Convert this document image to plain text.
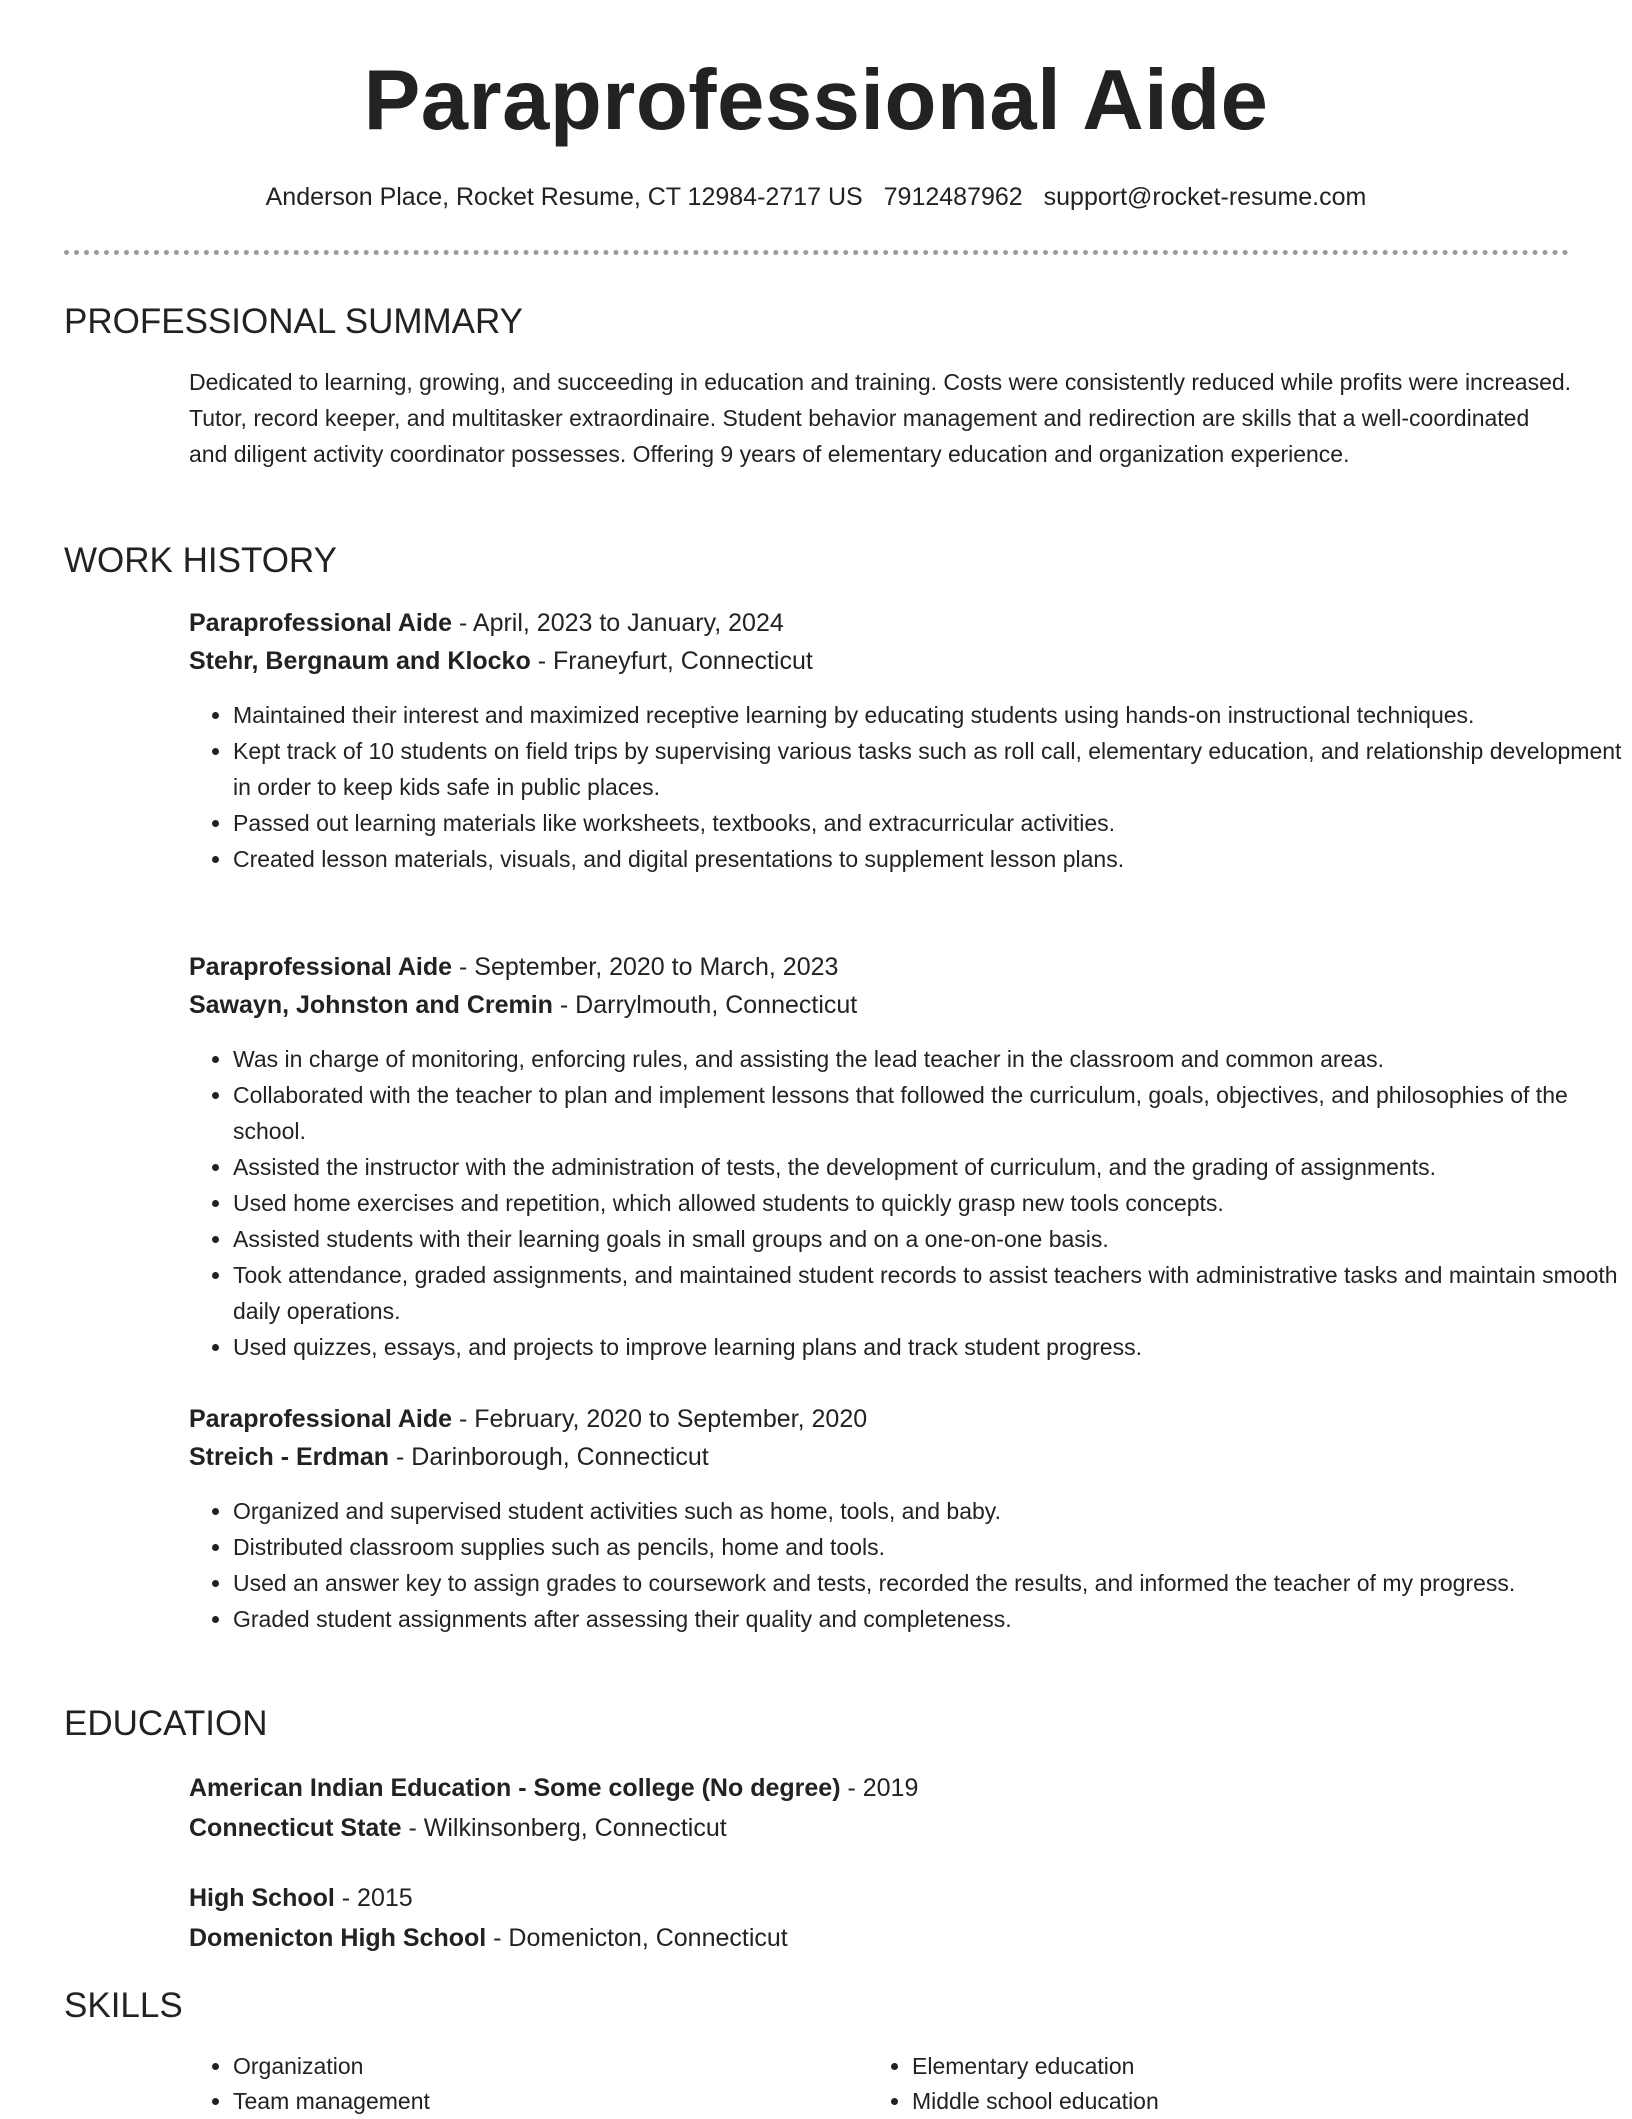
Paraprofessional Aide
Anderson Place, Rocket Resume, CT 12984-2717 US 7912487962 support@rocket-resume.com
PROFESSIONAL SUMMARY
Dedicated to learning, growing, and succeeding in education and training. Costs were consistently reduced while profits were increased. Tutor, record keeper, and multitasker extraordinaire. Student behavior management and redirection are skills that a well-coordinated and diligent activity coordinator possesses. Offering 9 years of elementary education and organization experience.
WORK HISTORY
Paraprofessional Aide - April, 2023 to January, 2024
Stehr, Bergnaum and Klocko - Franeyfurt, Connecticut
• Maintained their interest and maximized receptive learning by educating students using hands-on instructional techniques.
• Kept track of 10 students on field trips by supervising various tasks such as roll call, elementary education, and relationship development in order to keep kids safe in public places.
• Passed out learning materials like worksheets, textbooks, and extracurricular activities.
• Created lesson materials, visuals, and digital presentations to supplement lesson plans.
Paraprofessional Aide - September, 2020 to March, 2023
Sawayn, Johnston and Cremin - Darrylmouth, Connecticut
• Was in charge of monitoring, enforcing rules, and assisting the lead teacher in the classroom and common areas.
• Collaborated with the teacher to plan and implement lessons that followed the curriculum, goals, objectives, and philosophies of the school.
• Assisted the instructor with the administration of tests, the development of curriculum, and the grading of assignments.
• Used home exercises and repetition, which allowed students to quickly grasp new tools concepts.
• Assisted students with their learning goals in small groups and on a one-on-one basis.
• Took attendance, graded assignments, and maintained student records to assist teachers with administrative tasks and maintain smooth daily operations.
• Used quizzes, essays, and projects to improve learning plans and track student progress.
Paraprofessional Aide - February, 2020 to September, 2020
Streich - Erdman - Darinborough, Connecticut
• Organized and supervised student activities such as home, tools, and baby.
• Distributed classroom supplies such as pencils, home and tools.
• Used an answer key to assign grades to coursework and tests, recorded the results, and informed the teacher of my progress.
• Graded student assignments after assessing their quality and completeness.
EDUCATION
American Indian Education - Some college (No degree) - 2019
Connecticut State - Wilkinsonberg, Connecticut
High School - 2015
Domenicton High School - Domenicton, Connecticut
SKILLS
• Organization
• Team management
• Elementary education
• Middle school education
